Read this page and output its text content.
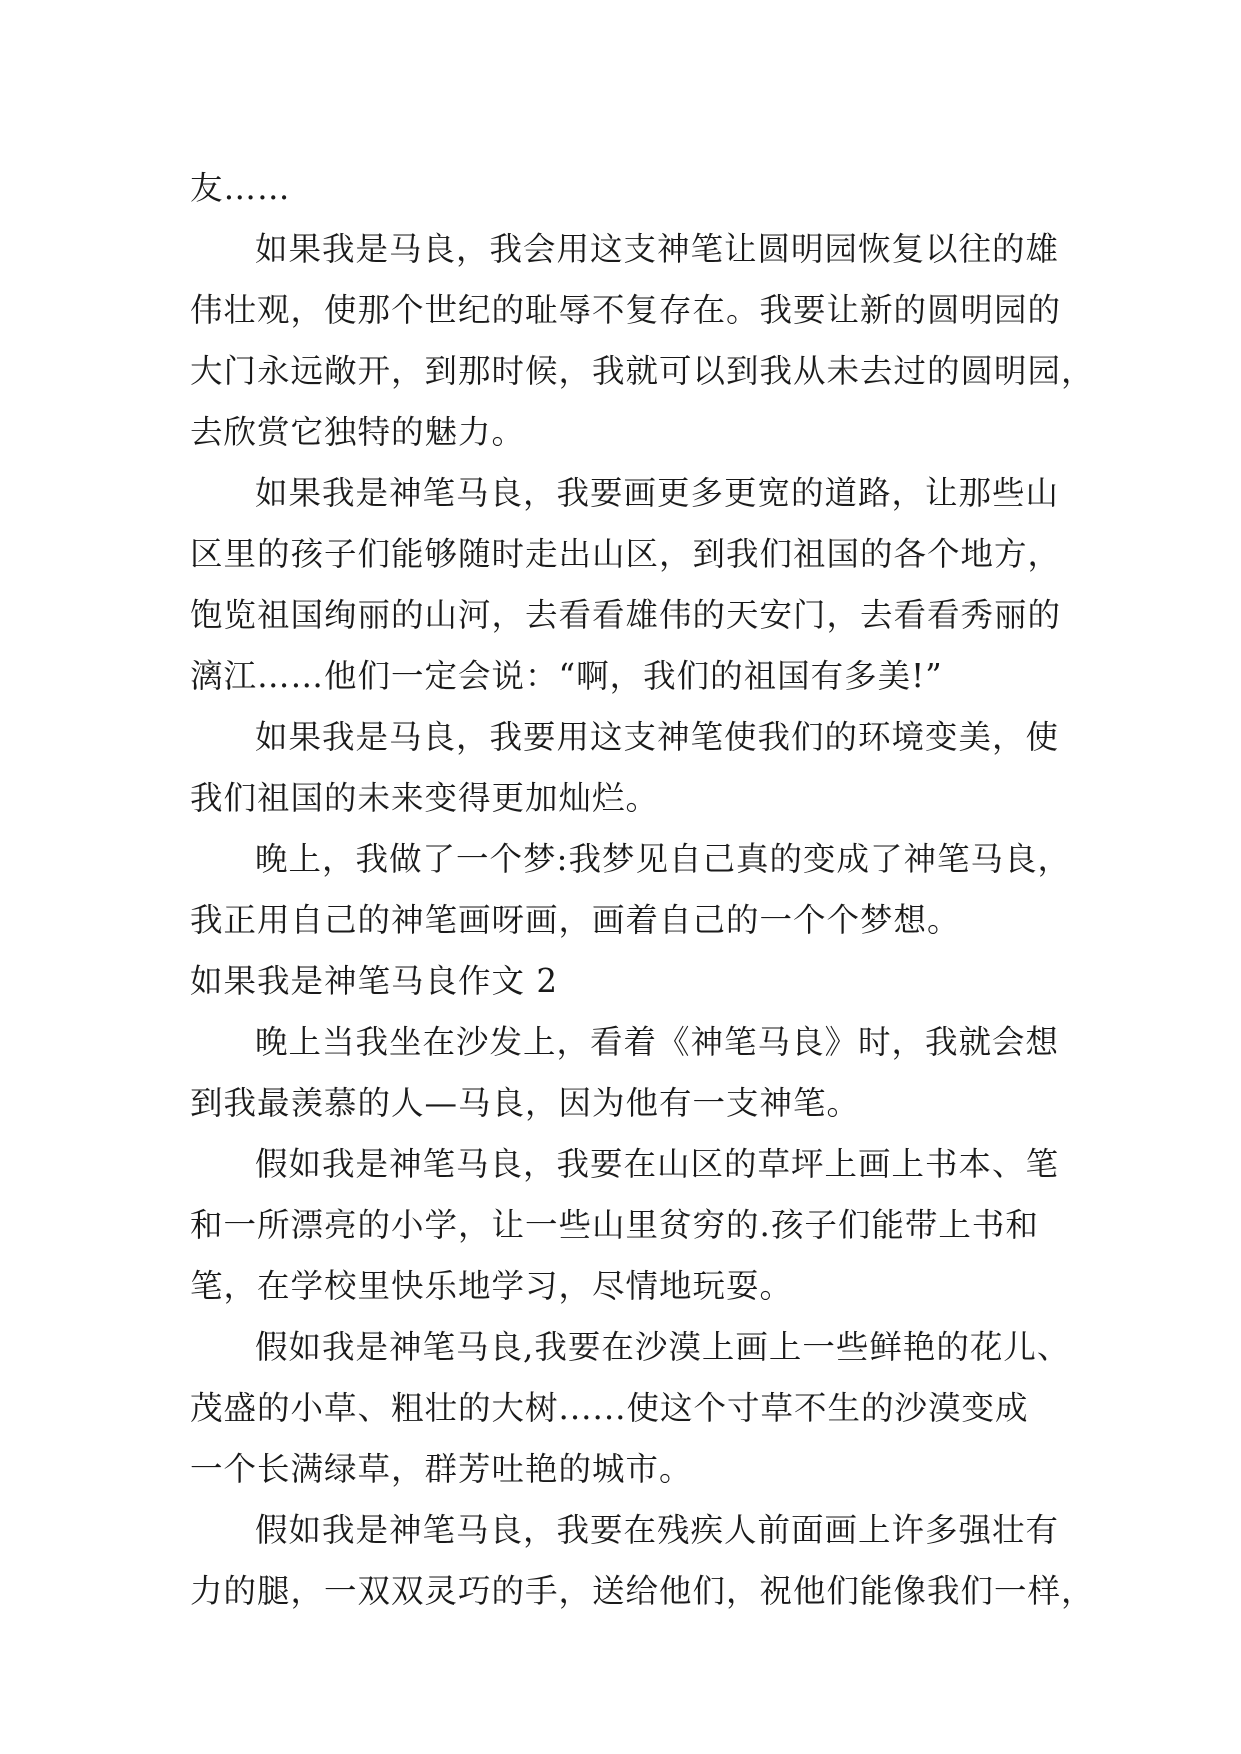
友……
如果我是马良，我会用这支神笔让圆明园恢复以往的雄
伟壮观，使那个世纪的耻辱不复存在。我要让新的圆明园的
大门永远敞开，到那时候，我就可以到我从未去过的圆明园，
去欣赏它独特的魅力。
如果我是神笔马良，我要画更多更宽的道路，让那些山
区里的孩子们能够随时走出山区，到我们祖国的各个地方，
饱览祖国绚丽的山河，去看看雄伟的天安门，去看看秀丽的
漓江……他们一定会说：“啊，我们的祖国有多美!”
如果我是马良，我要用这支神笔使我们的环境变美，使
我们祖国的未来变得更加灿烂。
晚上，我做了一个梦:我梦见自己真的变成了神笔马良，
我正用自己的神笔画呀画，画着自己的一个个梦想。
如果我是神笔马良作文 2
晚上当我坐在沙发上，看着《神笔马良》时，我就会想
到我最羡慕的人—马良，因为他有一支神笔。
假如我是神笔马良，我要在山区的草坪上画上书本、笔
和一所漂亮的小学，让一些山里贫穷的.孩子们能带上书和
笔，在学校里快乐地学习，尽情地玩耍。
假如我是神笔马良,我要在沙漠上画上一些鲜艳的花儿、
茂盛的小草、粗壮的大树......使这个寸草不生的沙漠变成
一个长满绿草，群芳吐艳的城市。
假如我是神笔马良，我要在残疾人前面画上许多强壮有
力的腿，一双双灵巧的手，送给他们，祝他们能像我们一样，
